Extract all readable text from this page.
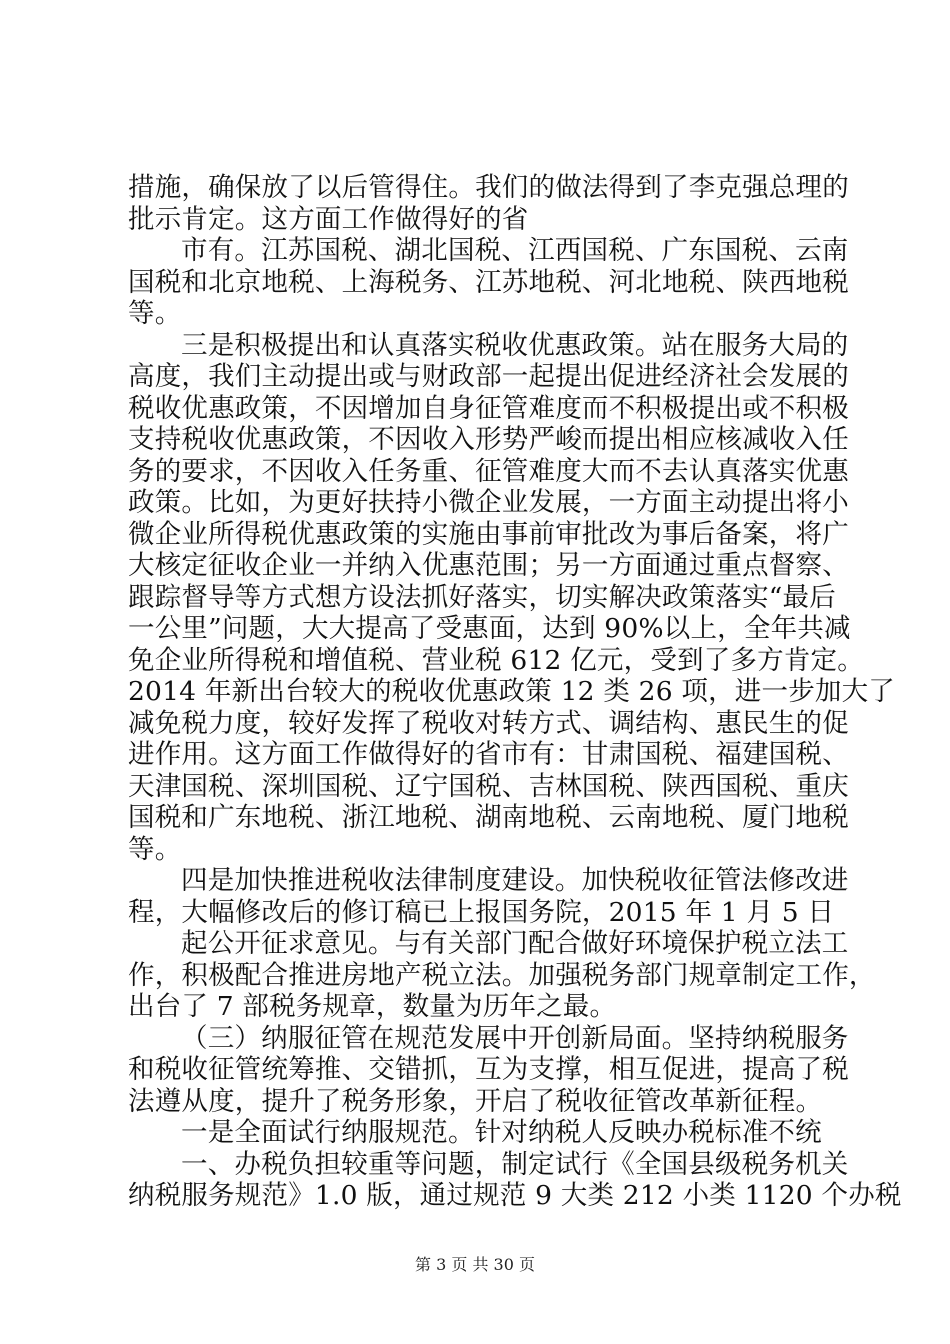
措施，确保放了以后管得住。我们的做法得到了李克强总理的
批示肯定。这方面工作做得好的省
市有。江苏国税、湖北国税、江西国税、广东国税、云南
国税和北京地税、上海税务、江苏地税、河北地税、陕西地税
等。
三是积极提出和认真落实税收优惠政策。站在服务大局的
高度，我们主动提出或与财政部一起提出促进经济社会发展的
税收优惠政策，不因增加自身征管难度而不积极提出或不积极
支持税收优惠政策，不因收入形势严峻而提出相应核减收入任
务的要求，不因收入任务重、征管难度大而不去认真落实优惠
政策。比如，为更好扶持小微企业发展，一方面主动提出将小
微企业所得税优惠政策的实施由事前审批改为事后备案，将广
大核定征收企业一并纳入优惠范围；另一方面通过重点督察、
跟踪督导等方式想方设法抓好落实，切实解决政策落实“最后
一公里”问题，大大提高了受惠面，达到 90%以上，全年共减
免企业所得税和增值税、营业税 612 亿元，受到了多方肯定。
2014 年新出台较大的税收优惠政策 12 类 26 项，进一步加大了
减免税力度，较好发挥了税收对转方式、调结构、惠民生的促
进作用。这方面工作做得好的省市有：甘肃国税、福建国税、
天津国税、深圳国税、辽宁国税、吉林国税、陕西国税、重庆
国税和广东地税、浙江地税、湖南地税、云南地税、厦门地税
等。
四是加快推进税收法律制度建设。加快税收征管法修改进
程，大幅修改后的修订稿已上报国务院，2015 年 1 月 5 日
起公开征求意见。与有关部门配合做好环境保护税立法工
作，积极配合推进房地产税立法。加强税务部门规章制定工作，
出台了 7 部税务规章，数量为历年之最。
（三）纳服征管在规范发展中开创新局面。坚持纳税服务
和税收征管统筹推、交错抓，互为支撑，相互促进，提高了税
法遵从度，提升了税务形象，开启了税收征管改革新征程。
一是全面试行纳服规范。针对纳税人反映办税标准不统
一、办税负担较重等问题，制定试行《全国县级税务机关
纳税服务规范》1.0 版，通过规范 9 大类 212 小类 1120 个办税
第 3 页 共 30 页
